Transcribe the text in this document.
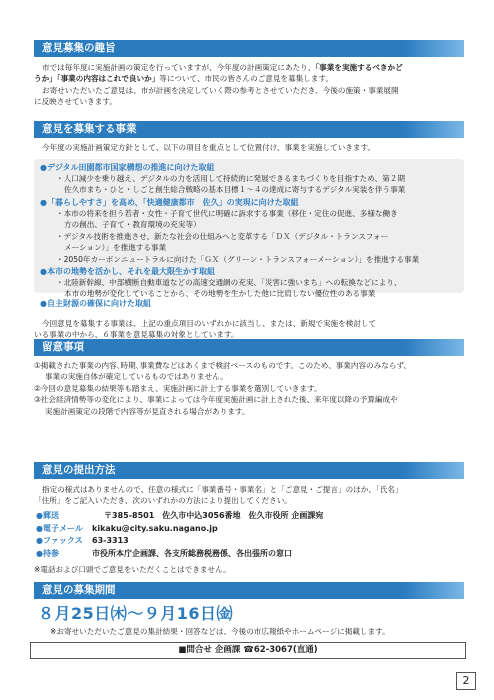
意見募集の趣旨

市では毎年度に実施計画の策定を行っていますが、今年度の計画策定にあたり、「事業を実施するべきかど

うか」「事業の内容はこれで良いか」等について、市民の皆さんのご意見を募集します。

お寄せいただいたご意見は、市が計画を決定していく際の参考とさせていただき、今後の施策・事業展開

に反映させていきます。

意見を募集する事業
今年度の実施計画策定方針として、以下の項目を重点として位置付け、事業を実施していきます。
●デジタル田園都市国家構想の推進に向けた取組
・人口減少を乗り越え、デジタルの力を活用して持続的に発展できるまちづくりを目指すため、第２期
佐久市まち・ひと・しごと創生総合戦略の基本目標１～４の達成に寄与するデジタル実装を伴う事業
●「暮らしやすさ」を高め、「快適健康都市　佐久」の実現に向けた取組
・本市の将来を担う若者・女性・子育て世代に明確に訴求する事業（移住・定住の促進、多様な働き
方の創出、子育て・教育環境の充実等）
・デジタル技術を推進させ、新たな社会の仕組みへと変革する「ＤＸ（デジタル・トランスフォー
メーション）」を推進する事業
・2050年カーボンニュートラルに向けた「ＧＸ（グリーン・トランスフォーメーション）」を推進する事業
●本市の地勢を活かし、それを最大限生かす取組
・北陸新幹線、中部横断自動車道などの高速交通網の充実、「災害に強いまち」への転換などにより、
本市の地勢が変化していることから、その地勢を生かした他に比肩しない優位性のある事業
●自主財源の確保に向けた取組

今回意見を募集する事業は、上記の重点項目のいずれかに該当し、または、新規で実施を検討して

いる事業の中から、６事業を意見募集の対象としています。

留意事項
①掲載された事業の内容､時期､事業費などはあくまで検討ベースのものです。このため、事業内容のみならず、
事業の実施自体が確定しているものではありません。
②今回の意見募集の結果等も踏まえ、実施計画に計上する事業を選別していきます。
③社会経済情勢等の変化により、事業によっては今年度実施計画に計上された後、来年度以降の予算編成や
実施計画策定の段階で内容等が見直される場合があります。
意見の提出方法

指定の様式はありませんので、任意の様式に「事業番号・事業名」と「ご意見・ご提言」のほか、「氏名」

「住所」をご記入いただき、次のいずれかの方法により提出してください。

●郵送	〒385-8501　佐久市中込3056番地　佐久市役所 企画課宛
●電子メール	kikaku@city.saku.nagano.jp
●ファックス	63-3313
●持参	市役所本庁企画課、各支所総務税務係、各出張所の窓口
※電話および口頭でご意見をいただくことはできません。
意見の募集期間
８月25日㈭～９月16日㈮
※お寄せいただいたご意見の集計結果・回答などは、今後の市広報紙やホームページに掲載します。
■問合せ 企画課 ☎62-3067(直通)
2
